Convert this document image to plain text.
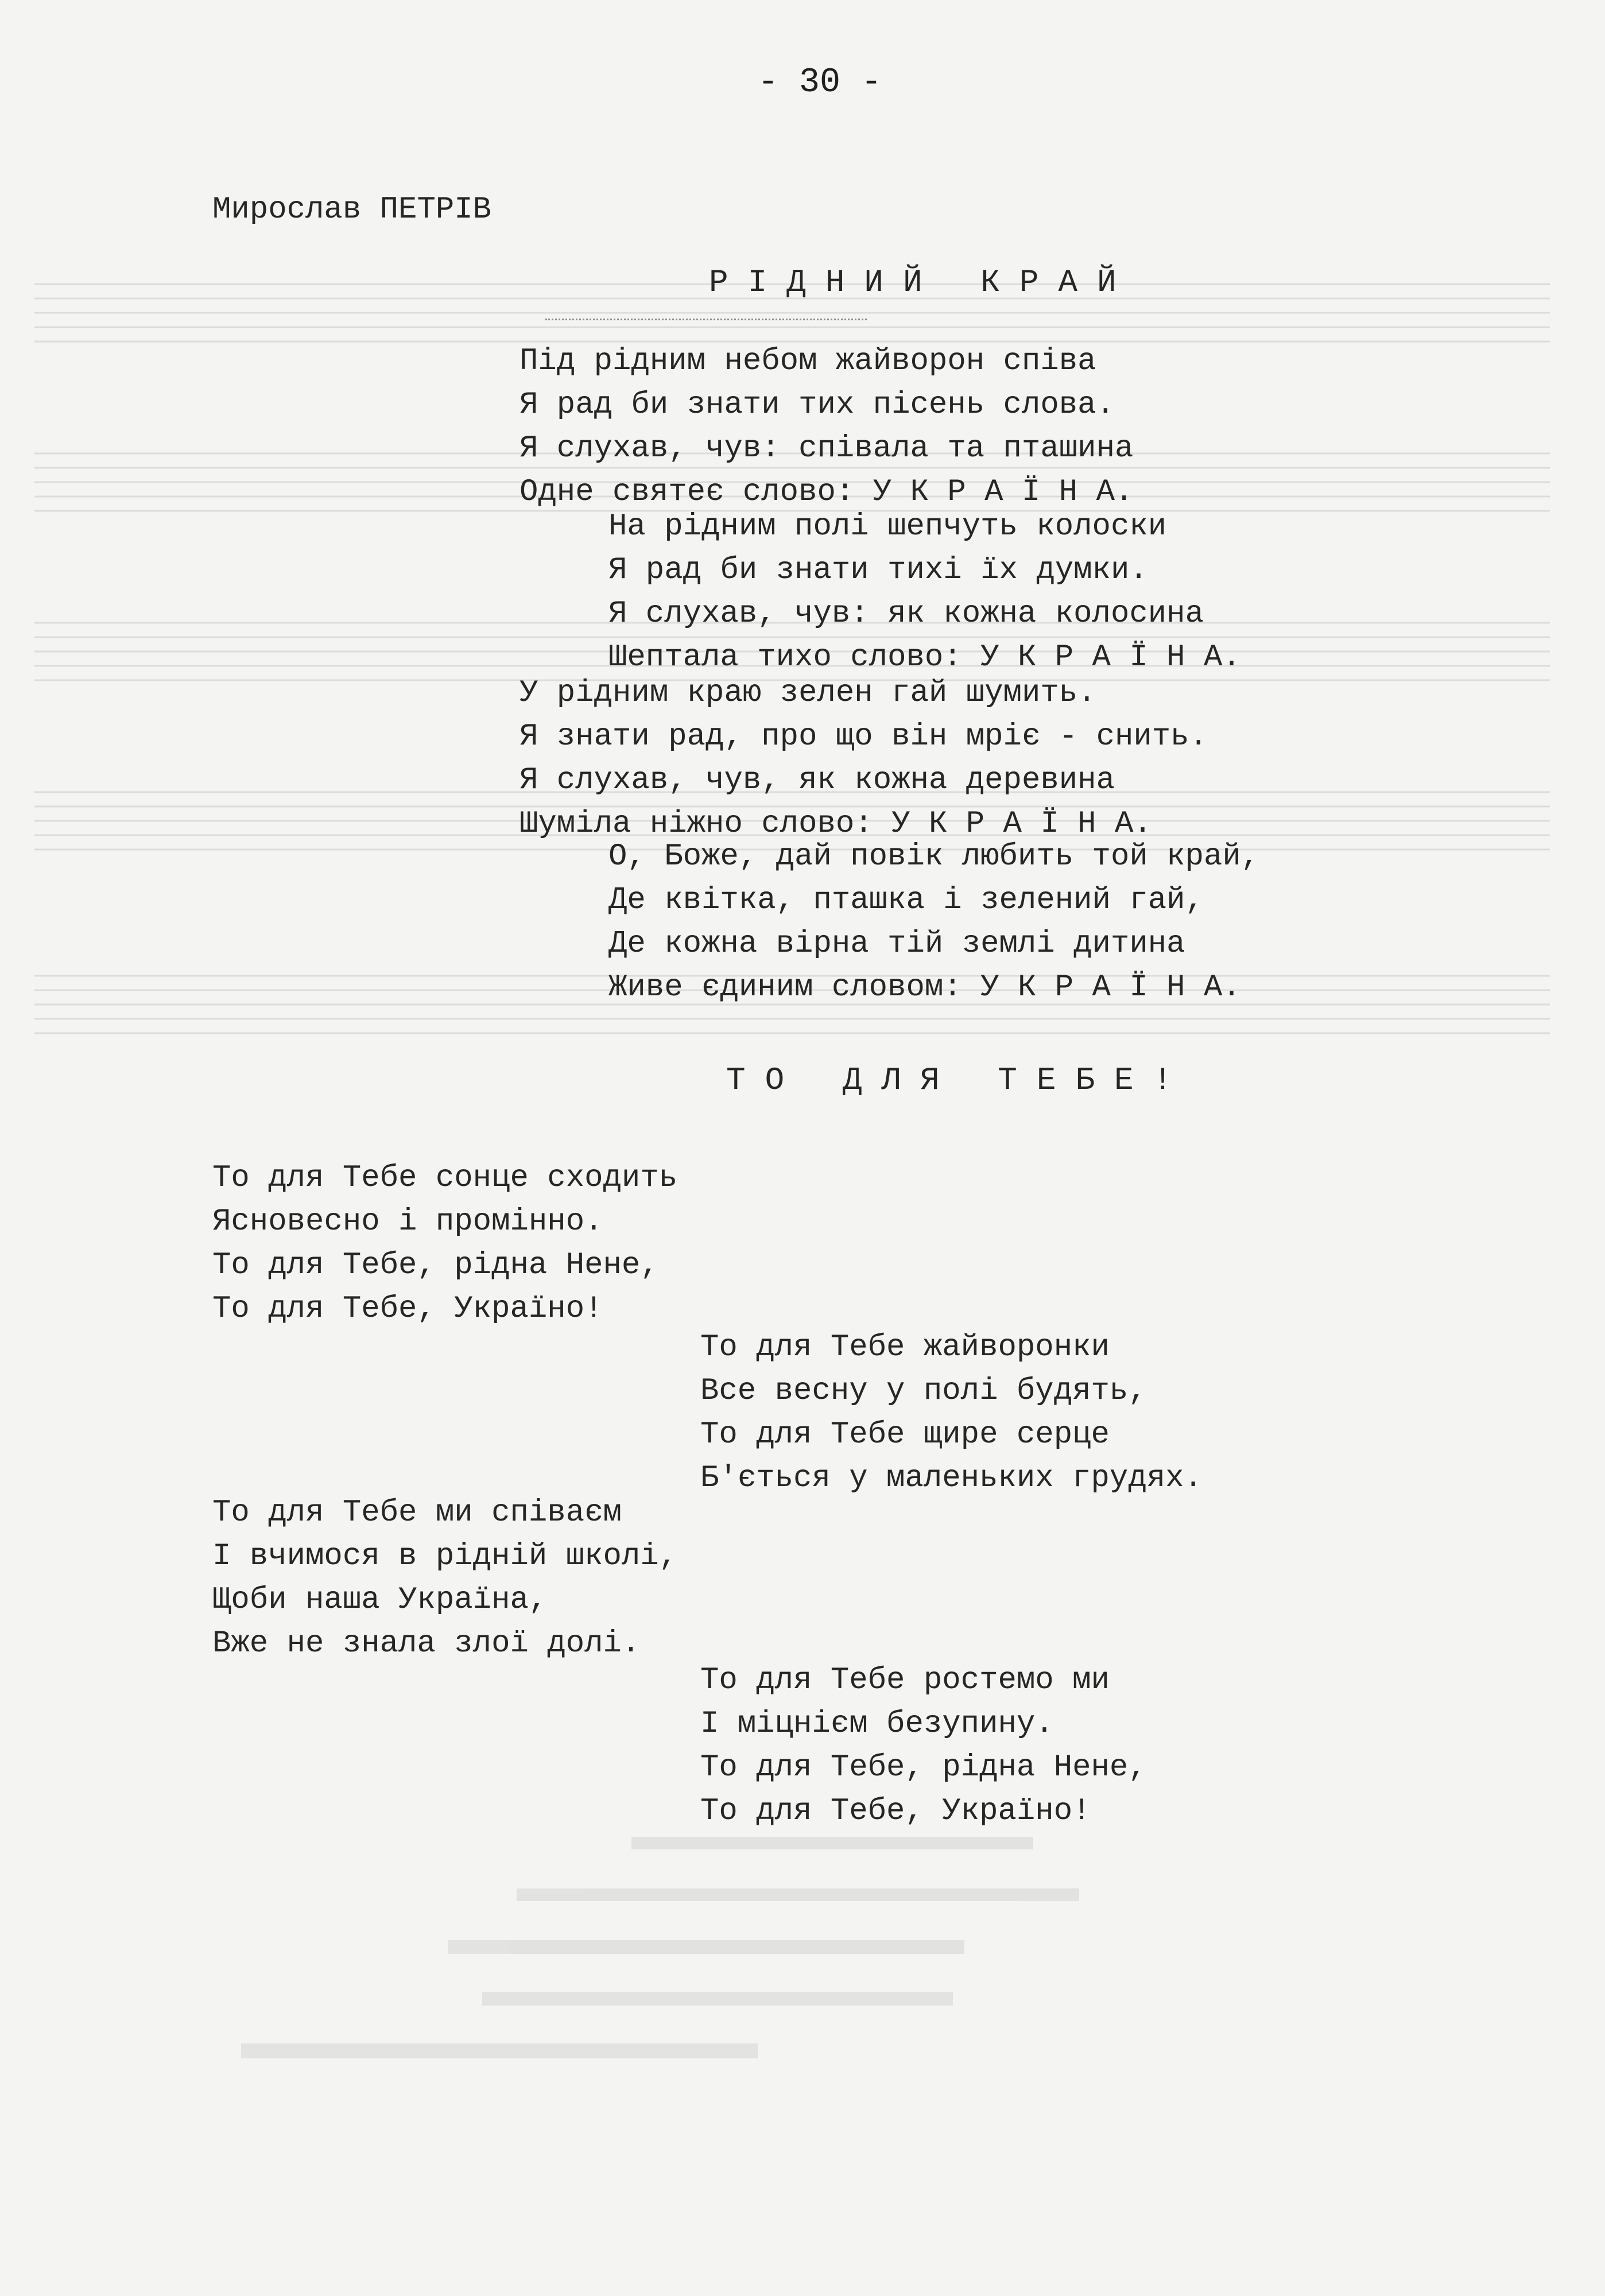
- 30 -
Мирослав ПЕТРІВ
РІДНИЙ КРАЙ
Під рідним небом жайворон співа
Я рад би знати тих пісень слова.
Я слухав, чув: співала та пташина
Одне святеє слово: У К Р А Ї Н А.
На рідним полі шепчуть колоски
Я рад би знати тихі їх думки.
Я слухав, чув: як кожна колосина
Шептала тихо слово: У К Р А Ї Н А.
У рідним краю зелен гай шумить.
Я знати рад, про що він мріє - снить.
Я слухав, чув, як кожна деревина
Шуміла ніжно слово: У К Р А Ї Н А.
О, Боже, дай повік любить той край,
Де квітка, пташка і зелений гай,
Де кожна вірна тій землі дитина
Живе єдиним словом: У К Р А Ї Н А.
ТО ДЛЯ ТЕБЕ!
То для Тебе сонце сходить
Ясновесно і промінно.
То для Тебе, рідна Нене,
То для Тебе, Україно!
То для Тебе жайворонки
Все весну у полі будять,
То для Тебе щире серце
Б'ється у маленьких грудях.
То для Тебе ми співаєм
І вчимося в рідній школі,
Щоби наша Україна,
Вже не знала злої долі.
То для Тебе ростемо ми
І міцнієм безупину.
То для Тебе, рідна Нене,
То для Тебе, Україно!
